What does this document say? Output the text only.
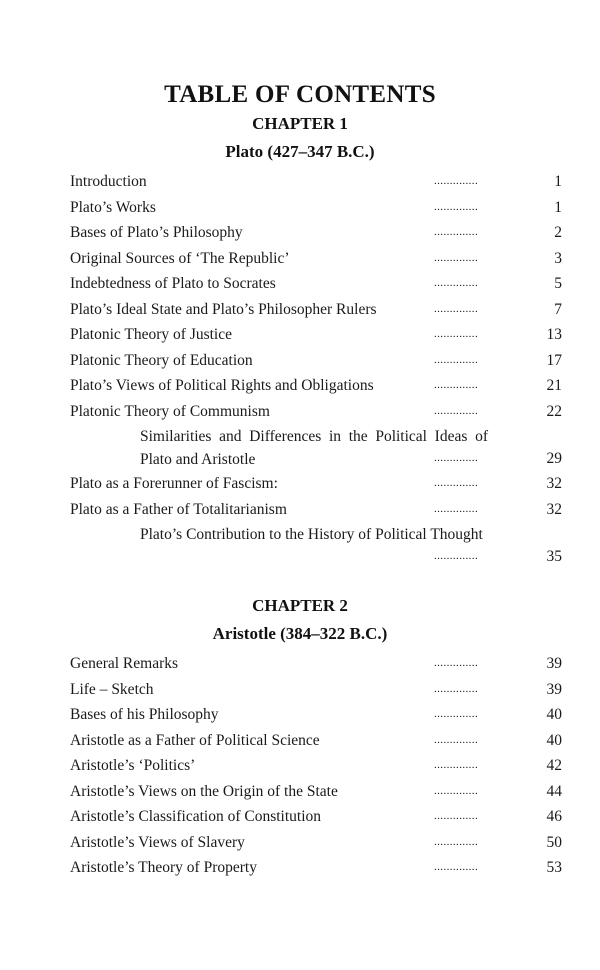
TABLE OF CONTENTS
CHAPTER 1
Plato (427–347 B.C.)
Introduction	..............	1
Plato’s Works	..............	1
Bases of Plato’s Philosophy	..............	2
Original Sources of ‘The Republic’	..............	3
Indebtedness of Plato to Socrates	..............	5
Plato’s Ideal State and Plato’s Philosopher Rulers	..............	7
Platonic Theory of Justice	..............	13
Platonic Theory of Education	..............	17
Plato’s Views of Political Rights and Obligations	..............	21
Platonic Theory of Communism	..............	22
Similarities and Differences in the Political Ideas of Plato and Aristotle	..............	29
Plato as a Forerunner of Fascism:	..............	32
Plato as a Father of Totalitarianism	..............	32
Plato’s Contribution to the History of Political Thought
..............	35
CHAPTER 2
Aristotle (384–322 B.C.)
General Remarks	..............	39
Life – Sketch	..............	39
Bases of his Philosophy	..............	40
Aristotle as a Father of Political Science	..............	40
Aristotle’s ‘Politics’	..............	42
Aristotle’s Views on the Origin of the State	..............	44
Aristotle’s Classification of Constitution	..............	46
Aristotle’s Views of Slavery	..............	50
Aristotle’s Theory of Property	..............	53
